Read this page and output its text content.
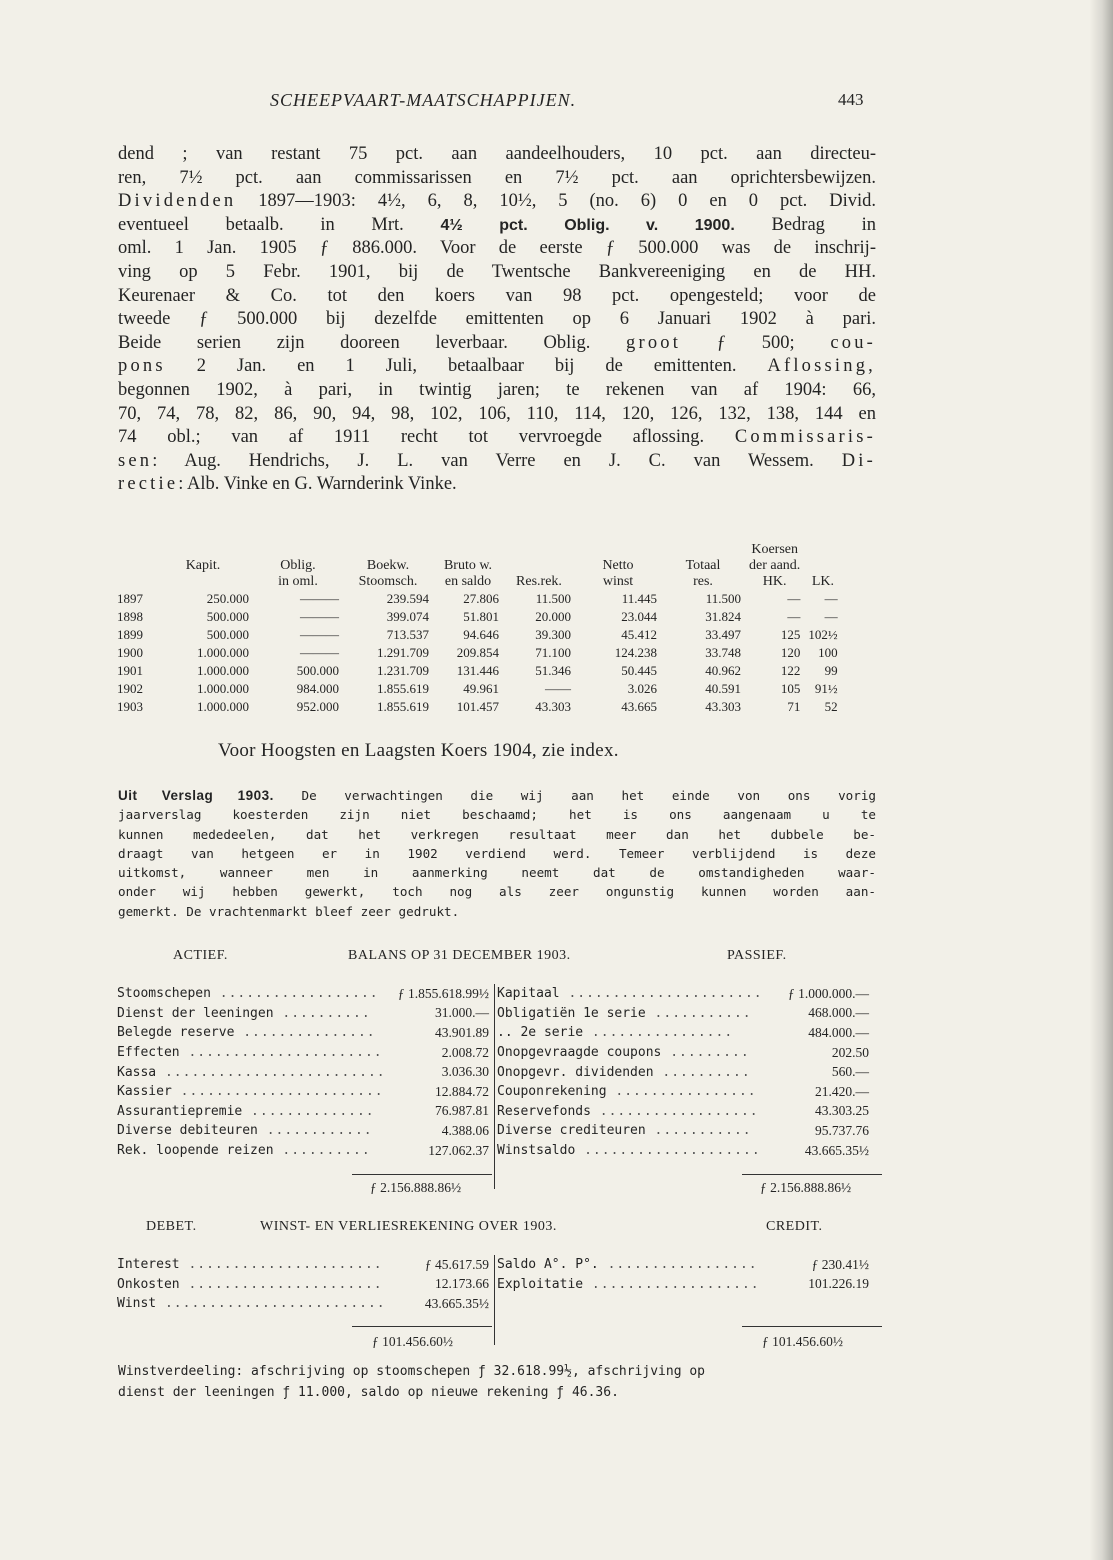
SCHEEPVAART-MAATSCHAPPIJEN.	443
dend ; van restant 75 pct. aan aandeelhouders, 10 pct. aan directeu-
ren, 7½ pct. aan commissarissen en 7½ pct. aan oprichtersbewijzen.
Dividenden 1897—1903: 4½, 6, 8, 10½, 5 (no. 6) 0 en 0 pct. Divid.
eventueel betaalb. in Mrt. 4½ pct. Oblig. v. 1900. Bedrag in
oml. 1 Jan. 1905 ƒ 886.000. Voor de eerste ƒ 500.000 was de inschrij-
ving op 5 Febr. 1901, bij de Twentsche Bankvereeniging en de HH.
Keurenaer & Co. tot den koers van 98 pct. opengesteld; voor de
tweede ƒ 500.000 bij dezelfde emittenten op 6 Januari 1902 à pari.
Beide serien zijn dooreen leverbaar. Oblig. groot ƒ 500; cou-
pons 2 Jan. en 1 Juli, betaalbaar bij de emittenten. Aflossing,
begonnen 1902, à pari, in twintig jaren; te rekenen van af 1904: 66,
70, 74, 78, 82, 86, 90, 94, 98, 102, 106, 110, 114, 120, 126, 132, 138, 144 en
74 obl.; van af 1911 recht tot vervroegde aflossing. Commissaris-
sen: Aug. Hendrichs, J. L. van Verre en J. C. van Wessem. Di-
rectie: Alb. Vinke en G. Warnderink Vinke.
								Koersen	
	Kapit.	Oblig.	Boekw.	Bruto w.		Netto	Totaal	der aand.	
		in oml.	Stoomsch.	en saldo	Res.rek.	winst	res.	HK.	LK.
1897	250.000	———	239.594	27.806	11.500	11.445	11.500	—	—
1898	500.000	———	399.074	51.801	20.000	23.044	31.824	—	—
1899	500.000	———	713.537	94.646	39.300	45.412	33.497	125	102½
1900	1.000.000	———	1.291.709	209.854	71.100	124.238	33.748	120	100
1901	1.000.000	500.000	1.231.709	131.446	51.346	50.445	40.962	122	99
1902	1.000.000	984.000	1.855.619	49.961	——	3.026	40.591	105	91½
1903	1.000.000	952.000	1.855.619	101.457	43.303	43.665	43.303	71	52
Voor Hoogsten en Laagsten Koers 1904, zie index.
Uit Verslag 1903. De verwachtingen die wij aan het einde von ons vorig
jaarverslag koesterden zijn niet beschaamd; het is ons aangenaam u te
kunnen mededeelen, dat het verkregen resultaat meer dan het dubbele be-
draagt van hetgeen er in 1902 verdiend werd. Temeer verblijdend is deze
uitkomst, wanneer men in aanmerking neemt dat de omstandigheden waar-
onder wij hebben gewerkt, toch nog als zeer ongunstig kunnen worden aan-
gemerkt. De vrachtenmarkt bleef zeer gedrukt.
ACTIEF.	BALANS OP 31 DECEMBER 1903.	PASSIEF.
Stoomschepen ..................	ƒ 1.855.618.99½
Dienst der leeningen ..........	31.000.—
Belegde reserve ...............	43.901.89
Effecten ......................	2.008.72
Kassa .........................	3.036.30
Kassier .......................	12.884.72
Assurantiepremie ..............	76.987.81
Diverse debiteuren ............	4.388.06
Rek. loopende reizen ..........	127.062.37
Kapitaal ......................	ƒ 1.000.000.—
Obligatiën 1e serie ...........	468.000.—
.. 2e serie ................	484.000.—
Onopgevraagde coupons .........	202.50
Onopgevr. dividenden ..........	560.—
Couponrekening ................	21.420.—
Reservefonds ..................	43.303.25
Diverse crediteuren ...........	95.737.76
Winstsaldo ....................	43.665.35½
ƒ 2.156.888.86½	ƒ 2.156.888.86½
DEBET.	WINST- EN VERLIESREKENING OVER 1903.	CREDIT.
Interest ......................	ƒ 45.617.59
Onkosten ......................	12.173.66
Winst .........................	43.665.35½
Saldo A°. P°. .................	ƒ 230.41½
Exploitatie ...................	101.226.19
ƒ 101.456.60½	ƒ 101.456.60½
Winstverdeeling: afschrijving op stoomschepen ƒ 32.618.99½, afschrijving op
dienst der leeningen ƒ 11.000, saldo op nieuwe rekening ƒ 46.36.
